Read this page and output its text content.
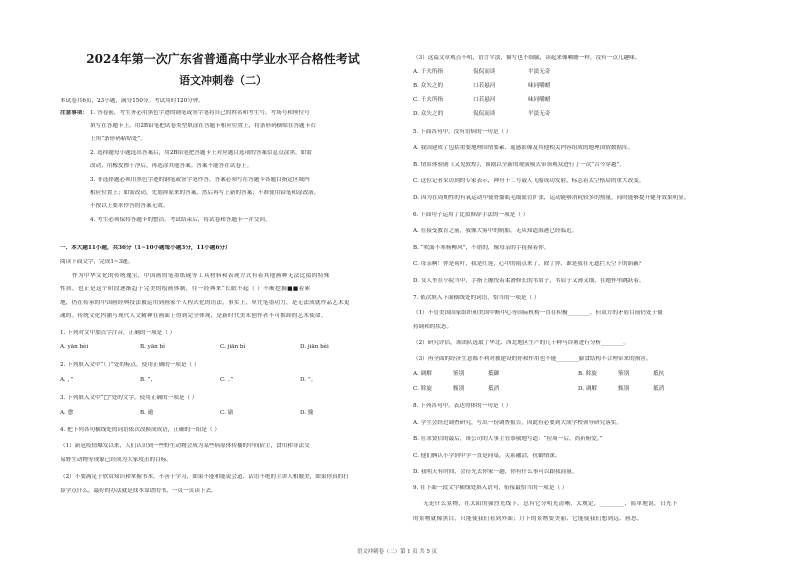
2024年第一次广东省普通高中学业水平合格性考试
语文冲刺卷（二）
本试卷共6页，23小题，满分150分。考试用时120分钟。
注意事项： 1. 答卷前，考生务必用黑色字迹的钢笔或签字笔将自己的姓名和考生号、考场号和座位号
填写在答题卡上。用2B铅笔把试卷类型填涂在答题卡相应位置上，将条形码横贴在答题卡右
上角“条形码粘贴处”。
2. 选择题每小题选出答案后，用2B铅笔把答题卡上对应题目选项的答案信息点涂黑，如需
改动，用橡皮擦干净后，再选涂其他答案。答案不能答在试卷上。
3. 非选择题必须用黑色字迹的钢笔或签字笔作答，答案必须写在答题卡各题目指定区域内
相应位置上；如需改动，先划掉原来的答案，然后再写上新的答案；不准使用铅笔和涂改液。
不按以上要求作答的答案无效。
4. 考生必须保持答题卡的整洁。考试结束后，将试卷和答题卡一并交回。
一、本大题11小题，共36分（1~10小题每小题3分，11小题6分）
阅读下面文字，完成1~3题。
作为中华文化的传统瑰宝，中国画的笔墨纸砚等工具材料和表现方式有着其他画种无法比拟的特殊
性质，也正是这个阶段逐渐趋于完美的绘画体制，往一经典来“长眠不起（ ）不断挖掘■■着索
地，仍在传承的中国画经典技法被运用到画家个人程式化的语法，事实上，单凭笔墨功力，是无法成就作品艺术更
魂的。传统文化内涵与现代人文精神在画面上得到完全体现，是新时代美术创作者不可推卸的艺术使命。
1. 下列对文中加点字注音，正确的一项是（ ）
A. yān bèi	B. yān bì	C. jiān bì	D. jiān bèi
2. 下列填入文中“（ ）”处的标点，使用正确的一项是（ ）
A. ，”	B. ”，	C. 。”	D. ”。
3. 下列填入文中“□”处的文字，使用正确的一项是（ ）
A. 愈	B. 逾	C. 谕	D. 揄
4. 把下列各句横线处的词语依次改换成成语，正确的一组是（ ）
（1）新冠疫情爆发以来，人们认识到一些野生动物会成为某些病原体传播的中间宿主，食用和非法交
易野生动物等现象已经成为大家攻击的目标。
（2）不要满足于欣赏知识和掌握书本，不善于学习，如果不能和能说会道、话语不绝的主讲人相媲美，如果你真的打
算学点什么，最好的办法就是找本靠谱的书，一页一页读下去。
（3）这篇文章观点不明，语言平淡，描写也不细腻，读起来像嚼蜡一样，没有一点儿趣味。
A. 千夫所指	侃侃而谈	平淡无奇
B. 众矢之的	口若悬河	味同嚼蜡
C. 千夫所指	口若悬河	味同嚼蜡
D. 众矢之的	侃侃而谈	平淡无奇
5. 下面各句中，没有语病的一句是（ ）
A. 我国建成了包括重要地理国情要素、遥感影像及其他相关内容组成的地理国情数据库。
B. 情景体验剧《又见敦煌》，该剧以全新的观演模式带领观众进行了一次“古今穿越”。
C. 这位记者采访到的专家表示，神舟十二号载人飞船成功发射，标志着太空格局的重大改变。
D. 因为在周期性的有氧运动中使骨骼肌毛细血管扩张，运动能够消耗较多的热量，同时能够提升健身效果明显。
6. 下面句子运用了比拟修辞手法的一项是（ ）
A. 在接受教育之前，我像大雾中的航船，无从知道海港已经临近。
B. “吹面不寒杨柳风”，不错的，像母亲的手抚摸着你。
C. 母亲啊！你是荷叶，我是红莲，心中的雨点来了，除了你，谁是我在无遮拦天空下的荫蔽？
D. 女人坐在小院当中，手指上缠绞着柔滑修长的苇眉子，苇眉子又薄又细，在她怀里跳跃着。
7. 依次填入下面横线处的词语，恰当的一项是（ ）
（1）不管美国国家组织和美国中断中心等国际机构一直在积极________，但双方的矛盾目前仍处于僵
持调和的状态。
（2）研究评估，该团队选取了华北、西北地区生产的几十种马铃薯进行分析________。
（3）再全面的经济生意都不利对被建设的你和作用也不能________膨食结构不合理带来的损害。
A. 调解	鉴别	抵御	B. 斡旋	鉴别	抵抗
C. 斡旋	甄别	抵消	D. 调解	甄别	抵消
8. 下列各句中，表达得体的一句是（ ）
A. 学生会经过调查研究，写出一份调查报告，因此有必要到大成学校领导研究落实。
B. 在求贤信的最后，该公司的人事主管恭敬地写道：“拉周一后，尚祈俯爱。”
C. 他们俩认小学到中学一直是同桌，关系融洽，抗御情深。
D. 我明天有时间，会莅光去你家一趟，你有什么事可以跟我商量。
9. 在下面一段文字横线处填入语句，衔接最恰当的一项是（ ）
无论什么景物，在太阳的强烈光线下，总有它分明光清晰，太规定，________，简单地说，日光下
的景物就像黑白，只能使我们看到外面；月下的景物要美丽、它能使我们想到远、画思。
语文冲刺卷（二）第 1 页 共 5 页
